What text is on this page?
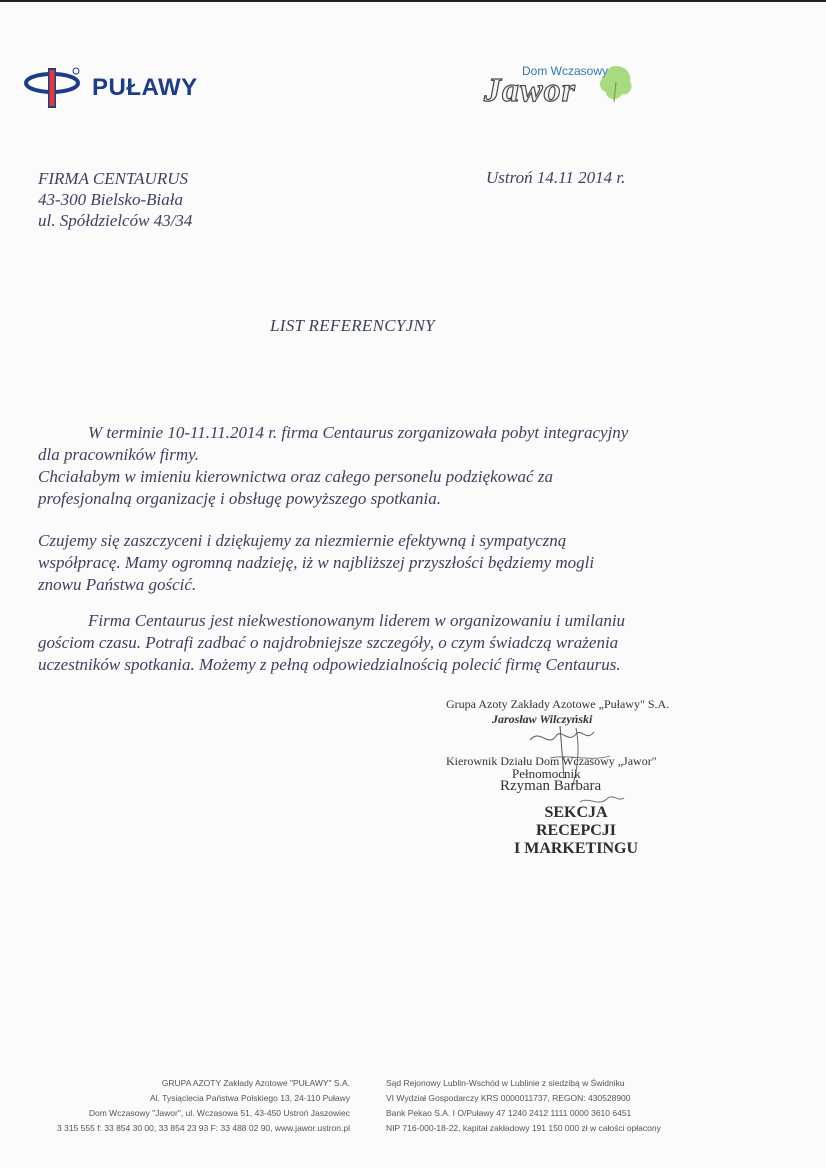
PUŁAWY
Dom Wczasowy
Jawor
FIRMA CENTAURUS
43-300 Bielsko-Biała
ul. Spółdzielców 43/34
Ustroń 14.11 2014 r.
LIST REFERENCYJNY
W terminie 10-11.11.2014 r. firma Centaurus zorganizowała pobyt integracyjny
dla pracowników firmy.
Chciałabym w imieniu kierownictwa oraz całego personelu podziękować za
profesjonalną organizację i obsługę powyższego spotkania.
Czujemy się zaszczyceni i dziękujemy za niezmiernie efektywną i sympatyczną
współpracę. Mamy ogromną nadzieję, iż w najbliższej przyszłości będziemy mogli
znowu Państwa gościć.
Firma Centaurus jest niekwestionowanym liderem w organizowaniu i umilaniu
gościom czasu. Potrafi zadbać o najdrobniejsze szczegóły, o czym świadczą wrażenia
uczestników spotkania. Możemy z pełną odpowiedzialnością polecić firmę Centaurus.
Grupa Azoty Zakłady Azotowe „Puławy" S.A.
Jarosław Wilczyński
Kierownik Działu Dom Wczasowy „Jawor"
Pełnomocnik
Rzyman Barbara
SEKCJA
RECEPCJI
I MARKETINGU
GRUPA AZOTY Zakłady Azotowe "PUŁAWY" S.A.
Al. Tysiąclecia Państwa Polskiego 13, 24-110 Puławy
Dom Wczasowy "Jawor", ul. Wczasowa 51, 43-450 Ustroń Jaszowiec
3 315 555 f: 33 854 30 00, 33 854 23 93 F: 33 488 02 90, www.jawor.ustron.pl
Sąd Rejonowy Lublin-Wschód w Lublinie z siedzibą w Świdniku
VI Wydział Gospodarczy KRS 0000011737, REGON: 430528900
Bank Pekao S.A. I O/Puławy 47 1240 2412 1111 0000 3610 6451
NIP 716-000-18-22, kapitał zakładowy 191 150 000 zł w całości opłacony
